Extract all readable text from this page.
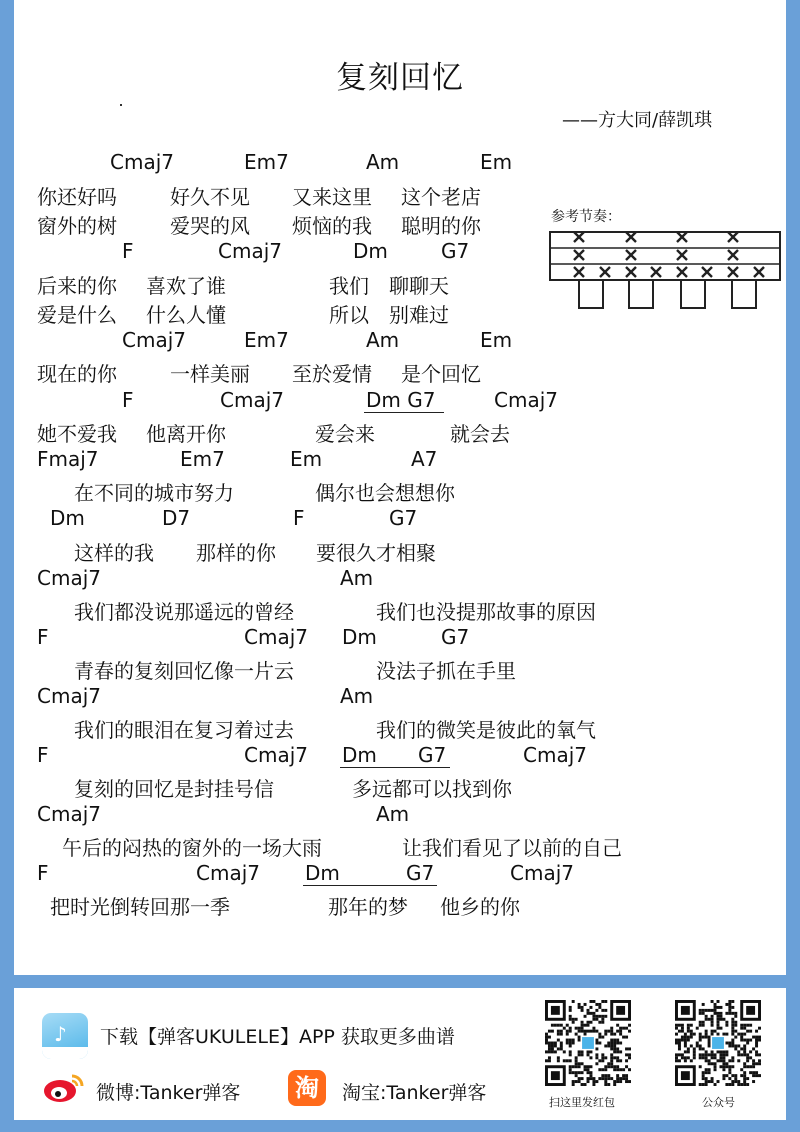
复刻回忆
——方大同/薛凯琪
Cmaj7	Em7	Am	Em
你还好吗	好久不见 又来这里 这个老店
窗外的树	爱哭的风 烦恼的我 聪明的你
F	Cmaj7	Dm	G7
后来的你 喜欢了谁	我们 聊聊天
爱是什么 什么人懂	所以 别难过
Cmaj7	Em7	Am	Em
现在的你	一样美丽 至於爱情 是个回忆
F	Cmaj7	Dm G7	Cmaj7
她不爱我 他离开你	爱会来	就会去
Fmaj7	Em7	Em	A7
在不同的城市努力	偶尔也会想想你
Dm	D7	F	G7
这样的我 那样的你 要很久才相聚
Cmaj7	Am
我们都没说那遥远的曾经	我们也没提那故事的原因
F	Cmaj7 Dm	G7
青春的复刻回忆像一片云	没法子抓在手里
Cmaj7	Am
我们的眼泪在复习着过去	我们的微笑是彼此的氧气
F	Cmaj7 Dm G7	Cmaj7
复刻的回忆是封挂号信	多远都可以找到你
Cmaj7	Am
午后的闷热的窗外的一场大雨	让我们看见了以前的自己
F	Cmaj7 Dm	G7	Cmaj7
把时光倒转回那一季	那年的梦 他乡的你
参考节奏：
♪ 下载【弹客UKULELE】APP 获取更多曲谱
微博:Tanker弹客 淘	淘宝:Tanker弹客	扫这里发红包	公众号
